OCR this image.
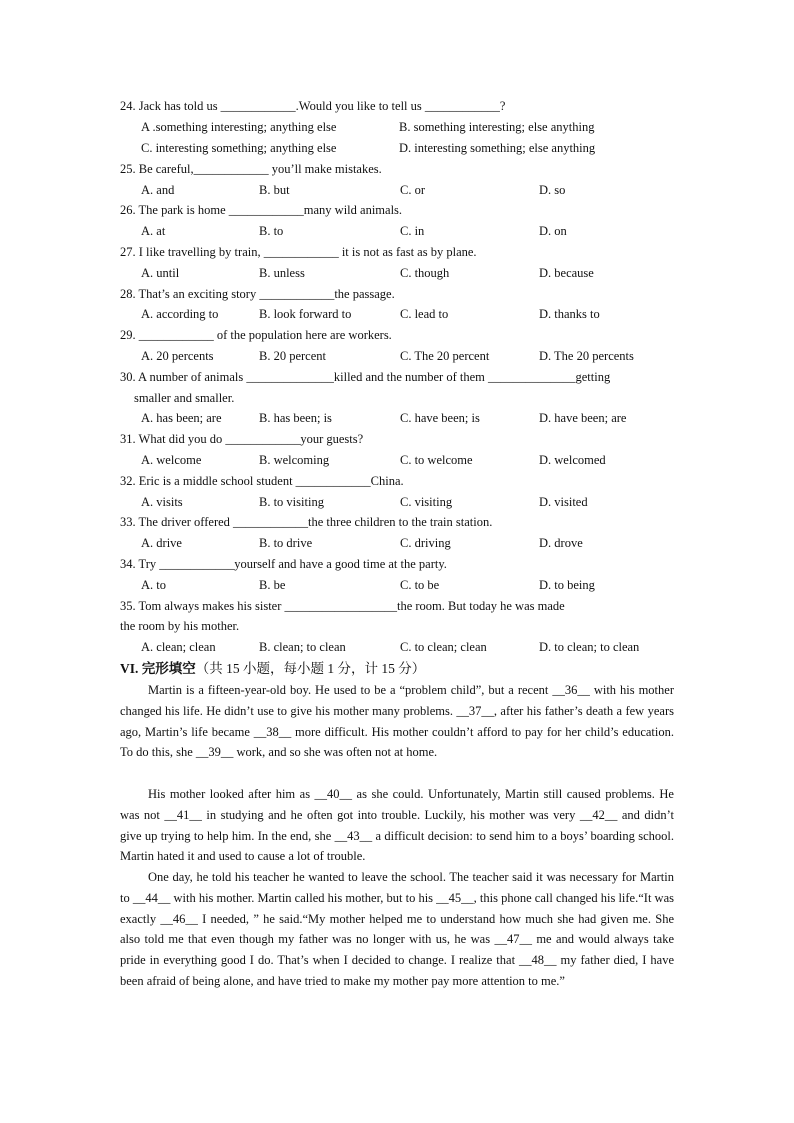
24. Jack has told us ____________.Would you like to tell us ____________?
A .something interesting; anything else	B. something interesting; else anything
C. interesting something; anything else	D. interesting something; else anything
25. Be careful,____________ you’ll make mistakes.
A. and	B. but	C. or	D. so
26. The park is home ____________many wild animals.
A. at	B. to	C. in	D. on
27. I like travelling by train, ____________ it is not as fast as by plane.
A. until	B. unless	C. though	D. because
28. That’s an exciting story ____________the passage.
A. according to	B. look forward to	C. lead to	D. thanks to
29. ____________ of the population here are workers.
A. 20 percents	B. 20 percent	C. The 20 percent	D. The 20 percents
30. A number of animals ______________killed and the number of them ______________getting
smaller and smaller.
A. has been; are	B. has been; is	C. have been; is	D. have been; are
31. What did you do ____________your guests?
A. welcome	B. welcoming	C. to welcome	D. welcomed
32. Eric is a middle school student ____________China.
A. visits	B. to visiting	C. visiting	D. visited
33. The driver offered ____________the three children to the train station.
A. drive	B. to drive	C. driving	D. drove
34. Try ____________yourself and have a good time at the party.
A. to	B. be	C. to be	D. to being
35. Tom always makes his sister __________________the room. But today he was made
the room by his mother.
A. clean; clean	B. clean; to clean	C. to clean; clean	D. to clean; to clean
VI. 完形填空（共 15 小题，每小题 1 分，计 15 分）
Martin is a fifteen-year-old boy. He used to be a “problem child”, but a recent __36__ with his mother changed his life. He didn’t use to give his mother many problems. __37__, after his father’s death a few years ago, Martin’s life became __38__ more difficult. His mother couldn’t afford to pay for her child’s education. To do this, she __39__ work, and so she was often not at home.
His mother looked after him as __40__ as she could. Unfortunately, Martin still caused problems. He was not __41__ in studying and he often got into trouble. Luckily, his mother was very __42__ and didn’t give up trying to help him. In the end, she __43__ a difficult decision: to send him to a boys’ boarding school. Martin hated it and used to cause a lot of trouble.
One day, he told his teacher he wanted to leave the school. The teacher said it was necessary for Martin to __44__ with his mother. Martin called his mother, but to his __45__, this phone call changed his life.“It was exactly __46__ I needed, ” he said.“My mother helped me to understand how much she had given me. She also told me that even though my father was no longer with us, he was __47__ me and would always take pride in everything good I do. That’s when I decided to change. I realize that __48__ my father died, I have been afraid of being alone, and have tried to make my mother pay more attention to me.”
